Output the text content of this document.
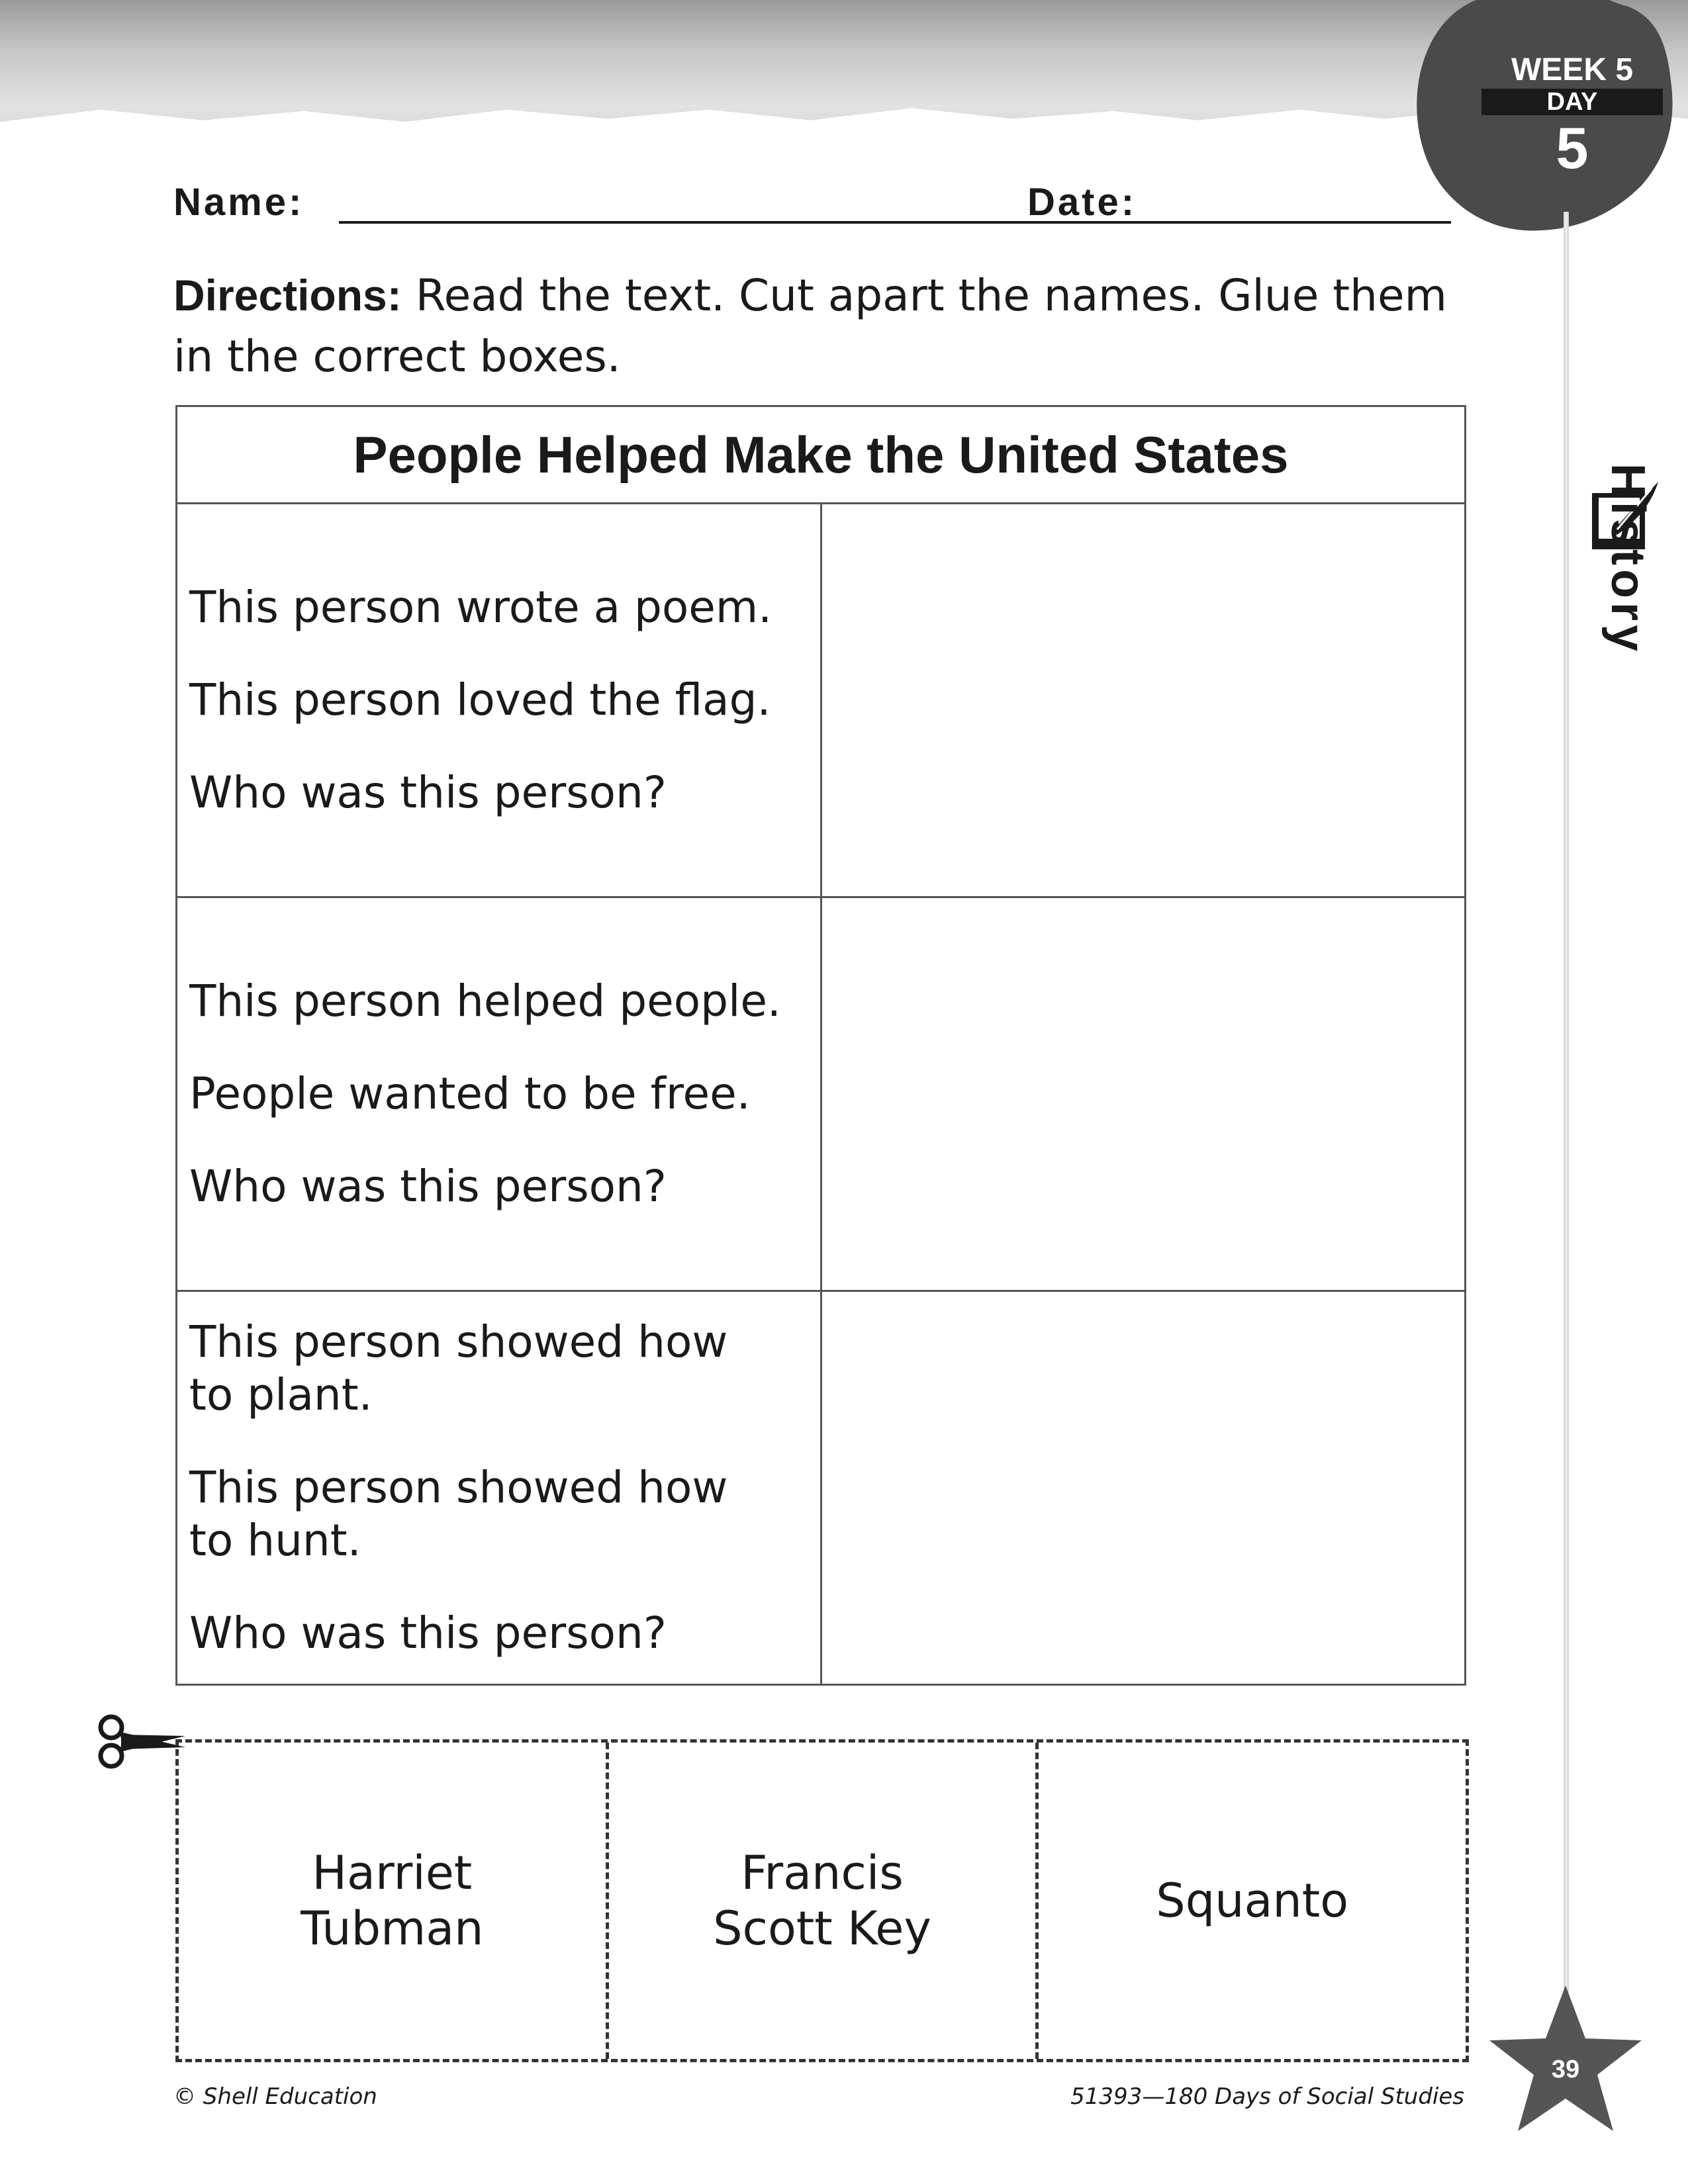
WEEK 5
DAY
5
Name:	Date:
Directions: Read the text. Cut apart the names. Glue them in the correct boxes.
History
People Helped Make the United States	

This person wrote a poem.

This person loved the flag.

Who was this person?	

This person helped people.

People wanted to be free.

Who was this person?	

This person showed how to plant.

This person showed how to hunt.

Who was this person?	

Harriet
Tubman
Francis
Scott Key
Squanto
© Shell Education	51393—180 Days of Social Studies
39
